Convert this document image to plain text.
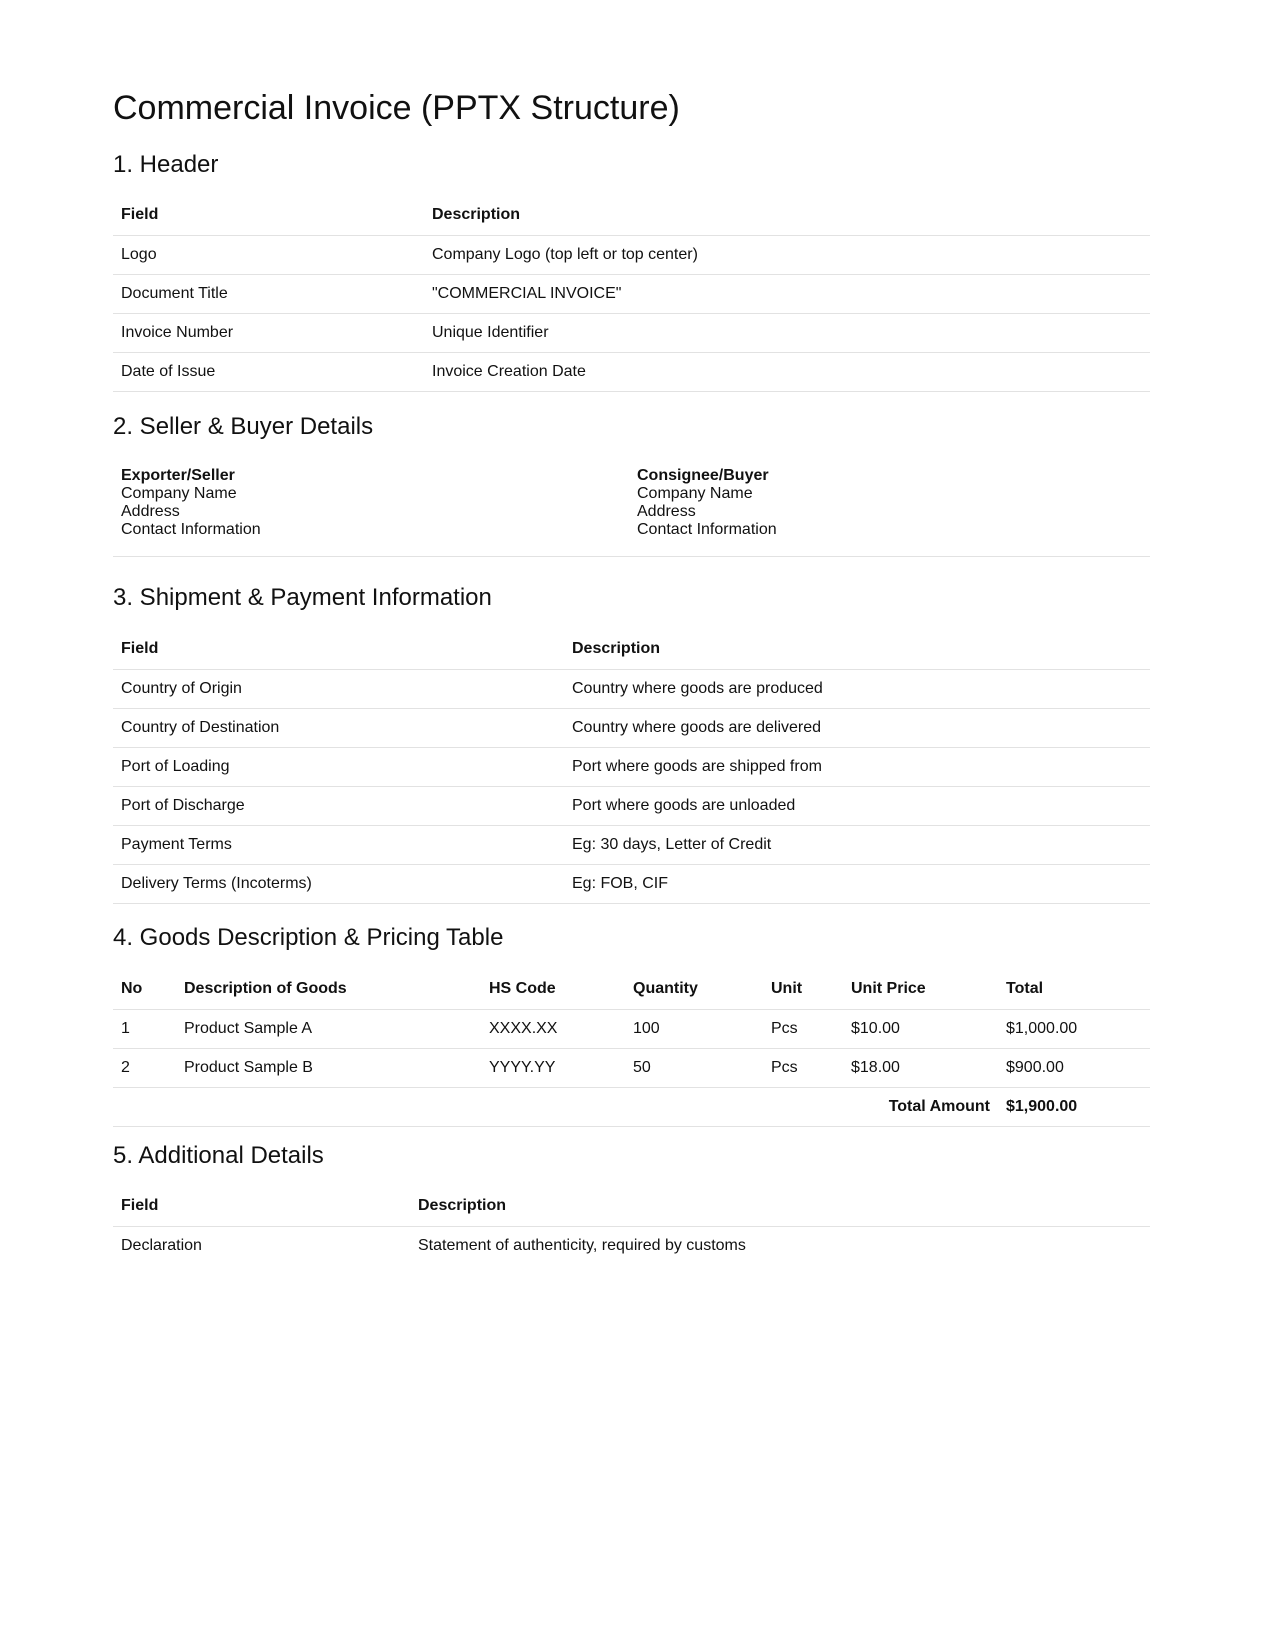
Commercial Invoice (PPTX Structure)
1. Header
Field	Description
Logo	Company Logo (top left or top center)
Document Title	"COMMERCIAL INVOICE"
Invoice Number	Unique Identifier
Date of Issue	Invoice Creation Date
2. Seller & Buyer Details
Exporter/Seller
Company Name
Address
Contact Information
Consignee/Buyer
Company Name
Address
Contact Information
3. Shipment & Payment Information
Field	Description
Country of Origin	Country where goods are produced
Country of Destination	Country where goods are delivered
Port of Loading	Port where goods are shipped from
Port of Discharge	Port where goods are unloaded
Payment Terms	Eg: 30 days, Letter of Credit
Delivery Terms (Incoterms)	Eg: FOB, CIF
4. Goods Description & Pricing Table
No	Description of Goods	HS Code	Quantity	Unit	Unit Price	Total
1	Product Sample A	XXXX.XX	100	Pcs	$10.00	$1,000.00
2	Product Sample B	YYYY.YY	50	Pcs	$18.00	$900.00
Total Amount						$1,900.00
5. Additional Details
Field	Description
Declaration	Statement of authenticity, required by customs
